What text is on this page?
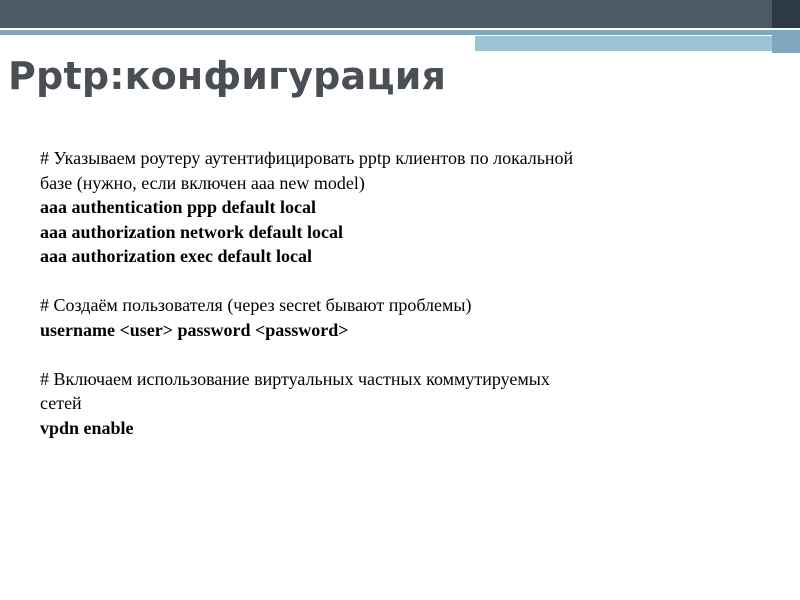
Pptp:конфигурация
# Указываем роутеру аутентифицировать pptp клиентов по локальной
базе (нужно, если включен aaa new model)
aaa authentication ppp default local
aaa authorization network default local
aaa authorization exec default local
# Создаём пользователя (через secret бывают проблемы)
username <user> password <password>
# Включаем использование виртуальных частных коммутируемых
сетей
vpdn enable
